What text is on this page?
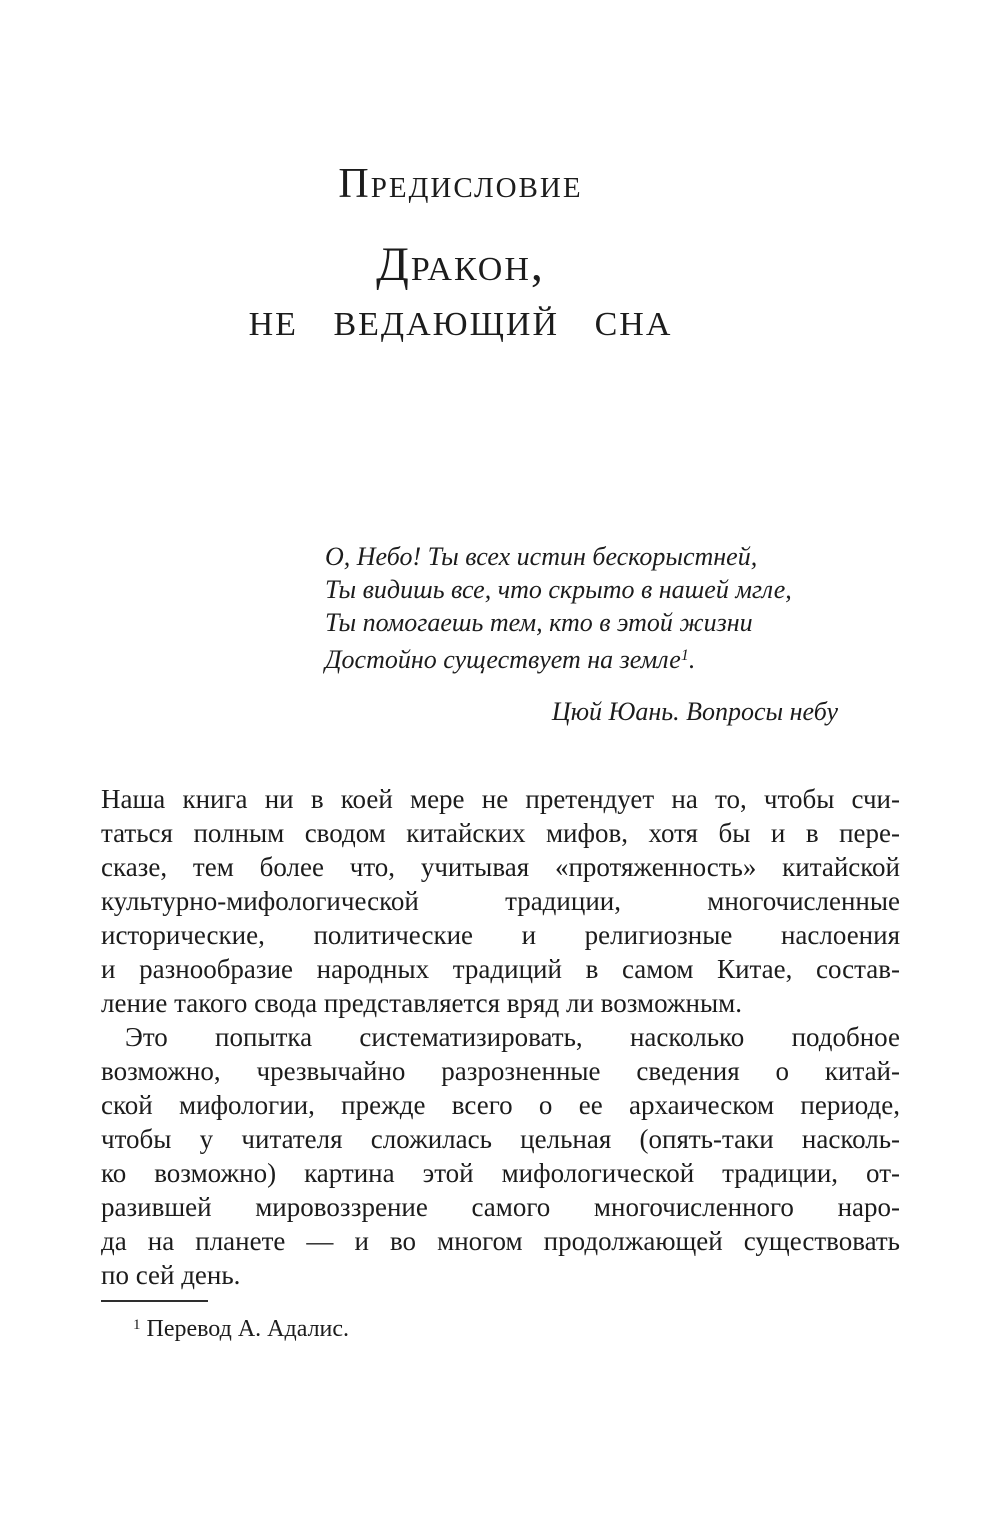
Предисловие
Дракон,
не ведающий сна
О, Небо! Ты всех истин бескорыстней,
Ты видишь все, что скрыто в нашей мгле,
Ты помогаешь тем, кто в этой жизни
Достойно существует на земле$^1$.
Цюй Юань. Вопросы небу
Наша книга ни в коей мере не претендует на то, чтобы счи-
таться полным сводом китайских мифов, хотя бы и в пере-
сказе, тем более что, учитывая «протяженность» китайской
культурно-мифологической традиции, многочисленные
исторические, политические и религиозные наслоения
и разнообразие народных традиций в самом Китае, состав-
ление такого свода представляется вряд ли возможным.
Это попытка систематизировать, насколько подобное
возможно, чрезвычайно разрозненные сведения о китай-
ской мифологии, прежде всего о ее архаическом периоде,
чтобы у читателя сложилась цельная (опять-таки насколь-
ко возможно) картина этой мифологической традиции, от-
разившей мировоззрение самого многочисленного наро-
да на планете — и во многом продолжающей существовать
по сей день.
$^1$ Перевод А. Адалис.
